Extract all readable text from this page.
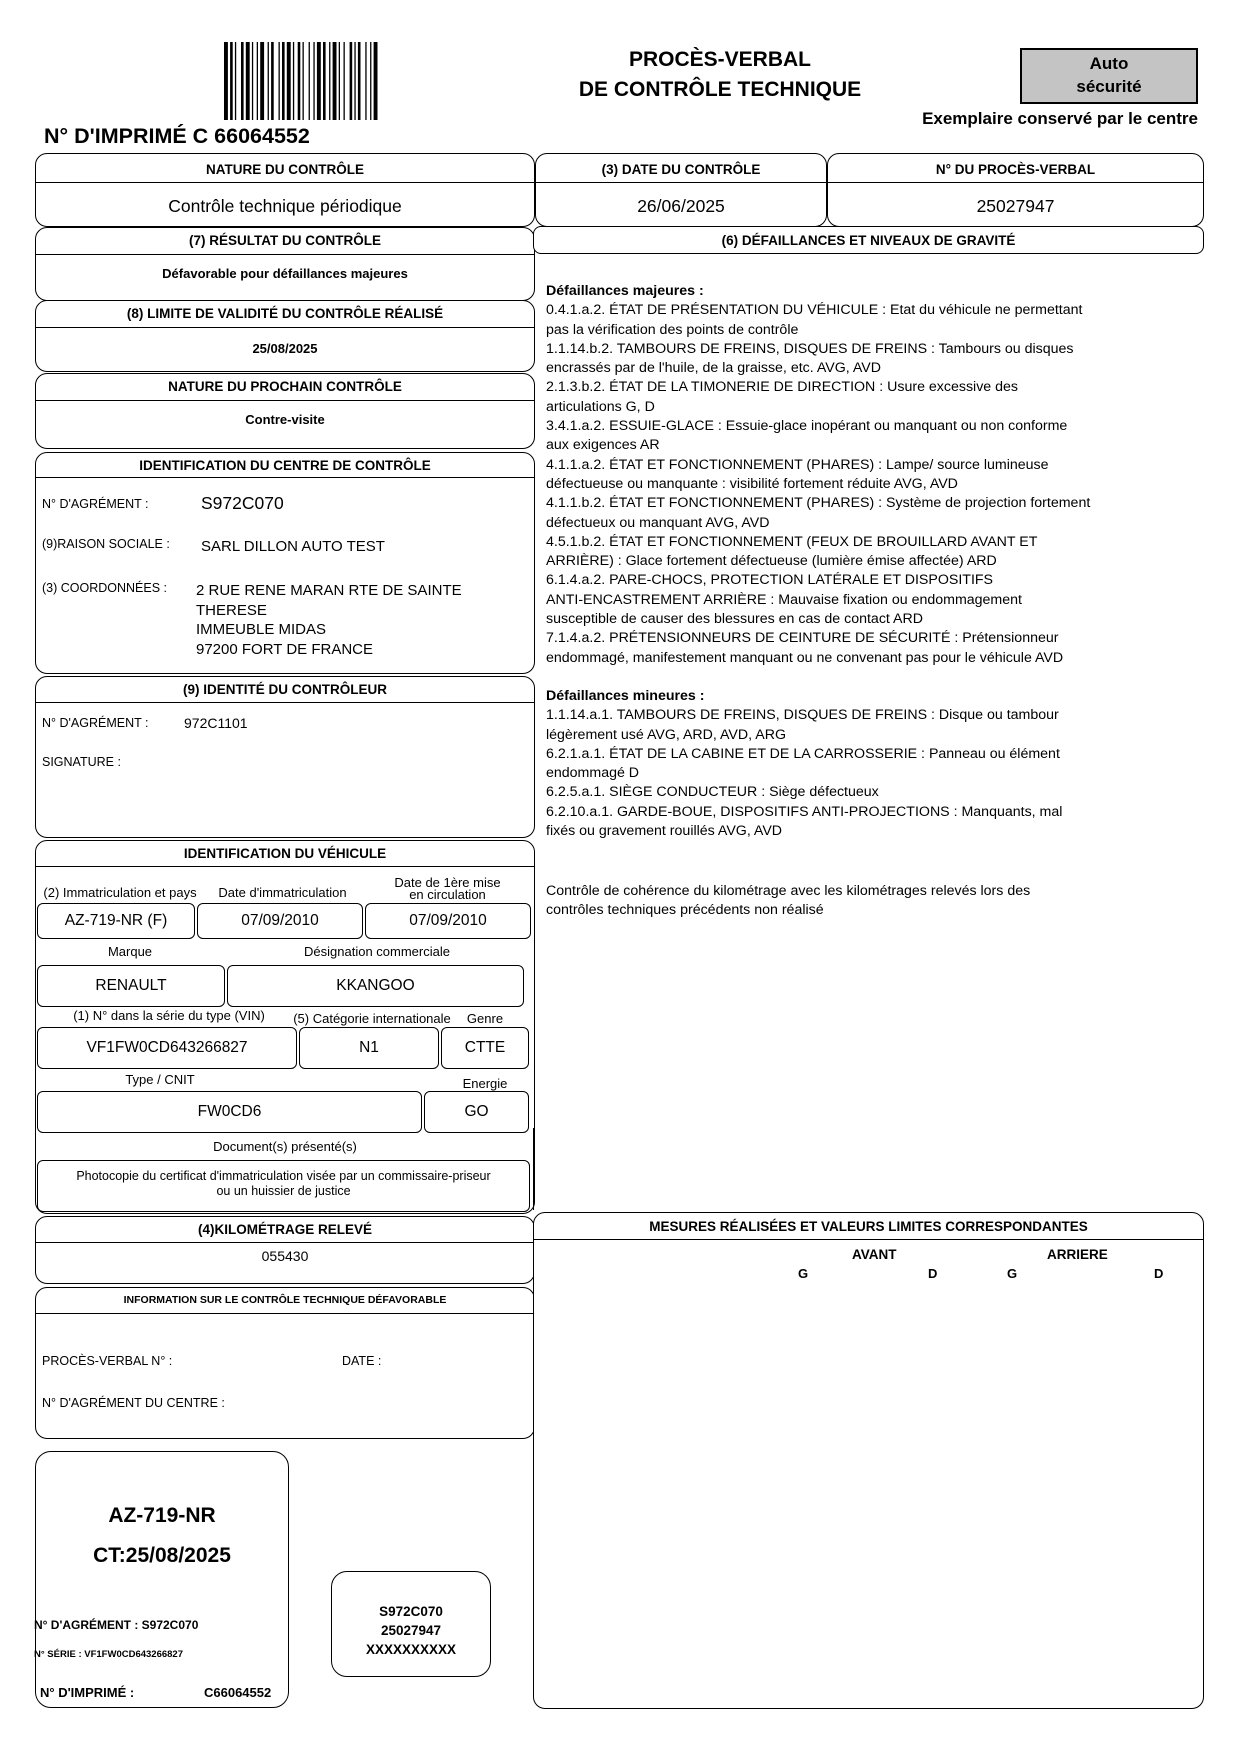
N° D'IMPRIMÉ C 66064552
PROCÈS-VERBAL
DE CONTRÔLE TECHNIQUE
Auto
sécurité
Exemplaire conservé par le centre
NATURE DU CONTRÔLE
Contrôle technique périodique
(3) DATE DU CONTRÔLE
26/06/2025
N° DU PROCÈS-VERBAL
25027947
(7) RÉSULTAT DU CONTRÔLE
Défavorable pour défaillances majeures
(8) LIMITE DE VALIDITÉ DU CONTRÔLE RÉALISÉ
25/08/2025
NATURE DU PROCHAIN CONTRÔLE
Contre-visite
IDENTIFICATION DU CENTRE DE CONTRÔLE
N° D'AGRÉMENT :	S972C070
(9)RAISON SOCIALE : SARL DILLON AUTO TEST
(3) COORDONNÉES : 2 RUE RENE MARAN RTE DE SAINTE
THERESE
IMMEUBLE MIDAS
97200 FORT DE FRANCE
(9) IDENTITÉ DU CONTRÔLEUR
N° D'AGRÉMENT :	972C1101
SIGNATURE :
IDENTIFICATION DU VÉHICULE
(2) Immatriculation et pays	Date d'immatriculation
Date de 1ère mise
en circulation
AZ-719-NR (F)	07/09/2010	07/09/2010
Marque	Désignation commerciale
RENAULT	KKANGOO
(1) N° dans la série du type (VIN)	(5) Catégorie internationale	Genre
VF1FW0CD643266827	N1	CTTE
Type / CNIT	Energie
FW0CD6	GO
Document(s) présenté(s)
Photocopie du certificat d'immatriculation visée par un commissaire-priseur
ou un huissier de justice
(4)KILOMÉTRAGE RELEVÉ
055430
INFORMATION SUR LE CONTRÔLE TECHNIQUE DÉFAVORABLE
PROCÈS-VERBAL N° :	DATE :
N° D'AGRÉMENT DU CENTRE :
AZ-719-NR
CT:25/08/2025
N° D'AGRÉMENT : S972C070
N° SÉRIE : VF1FW0CD643266827
N° D'IMPRIMÉ :	C66064552
S972C070
25027947
XXXXXXXXXX
(6) DÉFAILLANCES ET NIVEAUX DE GRAVITÉ
Défaillances majeures :
0.4.1.a.2. ÉTAT DE PRÉSENTATION DU VÉHICULE : Etat du véhicule ne permettant
pas la vérification des points de contrôle
1.1.14.b.2. TAMBOURS DE FREINS, DISQUES DE FREINS : Tambours ou disques
encrassés par de l'huile, de la graisse, etc. AVG, AVD
2.1.3.b.2. ÉTAT DE LA TIMONERIE DE DIRECTION : Usure excessive des
articulations G, D
3.4.1.a.2. ESSUIE-GLACE : Essuie-glace inopérant ou manquant ou non conforme
aux exigences AR
4.1.1.a.2. ÉTAT ET FONCTIONNEMENT (PHARES) : Lampe/ source lumineuse
défectueuse ou manquante : visibilité fortement réduite AVG, AVD
4.1.1.b.2. ÉTAT ET FONCTIONNEMENT (PHARES) : Système de projection fortement
défectueux ou manquant AVG, AVD
4.5.1.b.2. ÉTAT ET FONCTIONNEMENT (FEUX DE BROUILLARD AVANT ET
ARRIÈRE) : Glace fortement défectueuse (lumière émise affectée) ARD
6.1.4.a.2. PARE-CHOCS, PROTECTION LATÉRALE ET DISPOSITIFS
ANTI-ENCASTREMENT ARRIÈRE : Mauvaise fixation ou endommagement
susceptible de causer des blessures en cas de contact ARD
7.1.4.a.2. PRÉTENSIONNEURS DE CEINTURE DE SÉCURITÉ : Prétensionneur
endommagé, manifestement manquant ou ne convenant pas pour le véhicule AVD
Défaillances mineures :
1.1.14.a.1. TAMBOURS DE FREINS, DISQUES DE FREINS : Disque ou tambour
légèrement usé AVG, ARD, AVD, ARG
6.2.1.a.1. ÉTAT DE LA CABINE ET DE LA CARROSSERIE : Panneau ou élément
endommagé D
6.2.5.a.1. SIÈGE CONDUCTEUR : Siège défectueux
6.2.10.a.1. GARDE-BOUE, DISPOSITIFS ANTI-PROJECTIONS : Manquants, mal
fixés ou gravement rouillés AVG, AVD
Contrôle de cohérence du kilométrage avec les kilométrages relevés lors des
contrôles techniques précédents non réalisé
MESURES RÉALISÉES ET VALEURS LIMITES CORRESPONDANTES
AVANT	ARRIERE
G	D	G	D
